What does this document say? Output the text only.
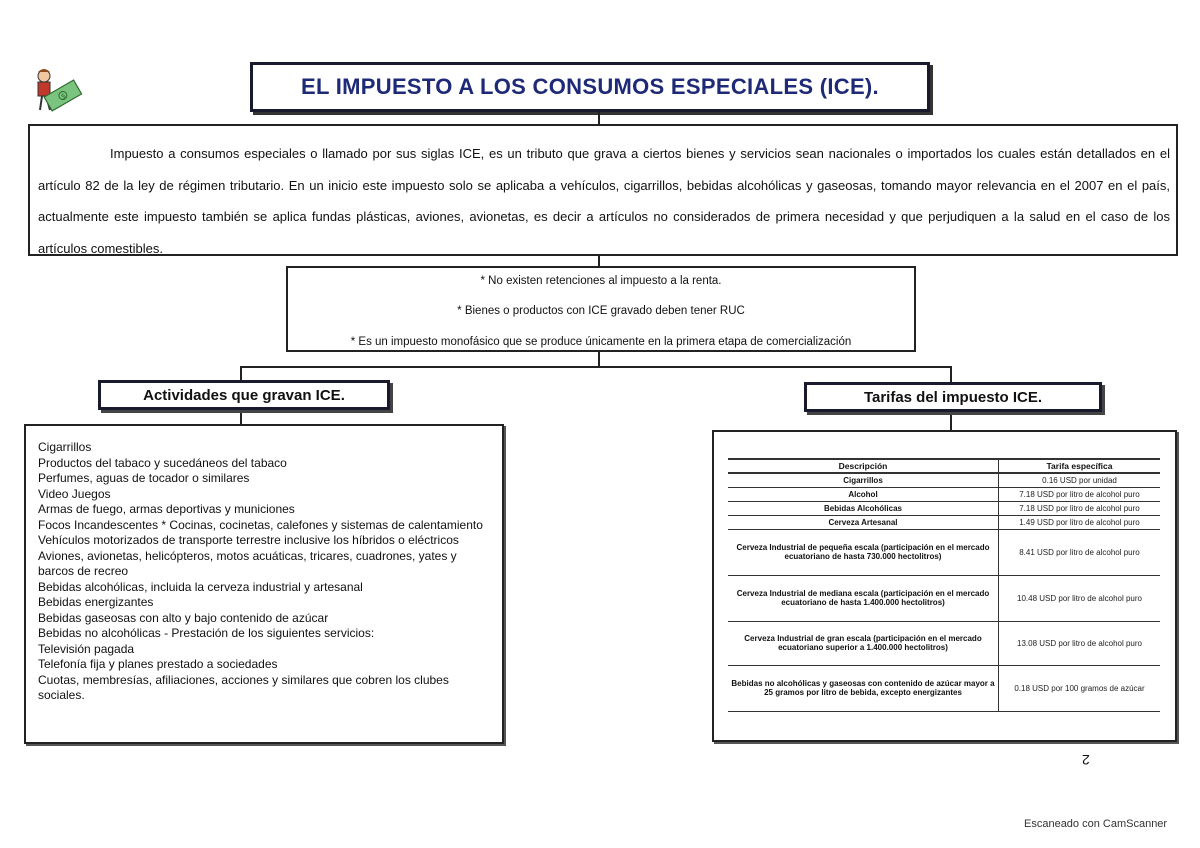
$	EL IMPUESTO A LOS CONSUMOS ESPECIALES (ICE).

Impuesto a consumos especiales o llamado por sus siglas ICE, es un tributo que grava a ciertos bienes y servicios sean nacionales o importados los cuales están detallados en el artículo 82 de la ley de régimen tributario. En un inicio este impuesto solo se aplicaba a vehículos, cigarrillos, bebidas alcohólicas y gaseosas, tomando mayor relevancia en el 2007 en el país, actualmente este impuesto también se aplica fundas plásticas, aviones, avionetas, es decir a artículos no considerados de primera necesidad y que perjudiquen a la salud en el caso de los artículos comestibles.

* No existen retenciones al impuesto a la renta.
* Bienes o productos con ICE gravado deben tener RUC
* Es un impuesto monofásico que se produce únicamente en la primera etapa de comercialización
Actividades que gravan ICE.	Tarifas del impuesto ICE.
Cigarrillos
Productos del tabaco y sucedáneos del tabaco
Perfumes, aguas de tocador o similares
Video Juegos
Armas de fuego, armas deportivas y municiones
Focos Incandescentes * Cocinas, cocinetas, calefones y sistemas de calentamiento
Vehículos motorizados de transporte terrestre inclusive los híbridos o eléctricos
Aviones, avionetas, helicópteros, motos acuáticas, tricares, cuadrones, yates y barcos de recreo
Bebidas alcohólicas, incluida la cerveza industrial y artesanal
Bebidas energizantes
Bebidas gaseosas con alto y bajo contenido de azúcar
Bebidas no alcohólicas - Prestación de los siguientes servicios:
Televisión pagada
Telefonía fija y planes prestado a sociedades
Cuotas, membresías, afiliaciones, acciones y similares que cobren los clubes sociales.
Descripción	Tarifa específica
Cigarrillos	0.16 USD por unidad
Alcohol	7.18 USD por litro de alcohol puro
Bebidas Alcohólicas	7.18 USD por litro de alcohol puro
Cerveza Artesanal	1.49 USD por litro de alcohol puro
Cerveza Industrial de pequeña escala (participación en el mercado ecuatoriano de hasta 730.000 hectolitros)	8.41 USD por litro de alcohol puro
Cerveza Industrial de mediana escala (participación en el mercado ecuatoriano de hasta 1.400.000 hectolitros)	10.48 USD por litro de alcohol puro
Cerveza Industrial de gran escala (participación en el mercado ecuatoriano superior a 1.400.000 hectolitros)	13.08 USD por litro de alcohol puro
Bebidas no alcohólicas y gaseosas con contenido de azúcar mayor a 25 gramos por litro de bebida, excepto energizantes	0.18 USD por 100 gramos de azúcar
2
Escaneado con CamScanner
